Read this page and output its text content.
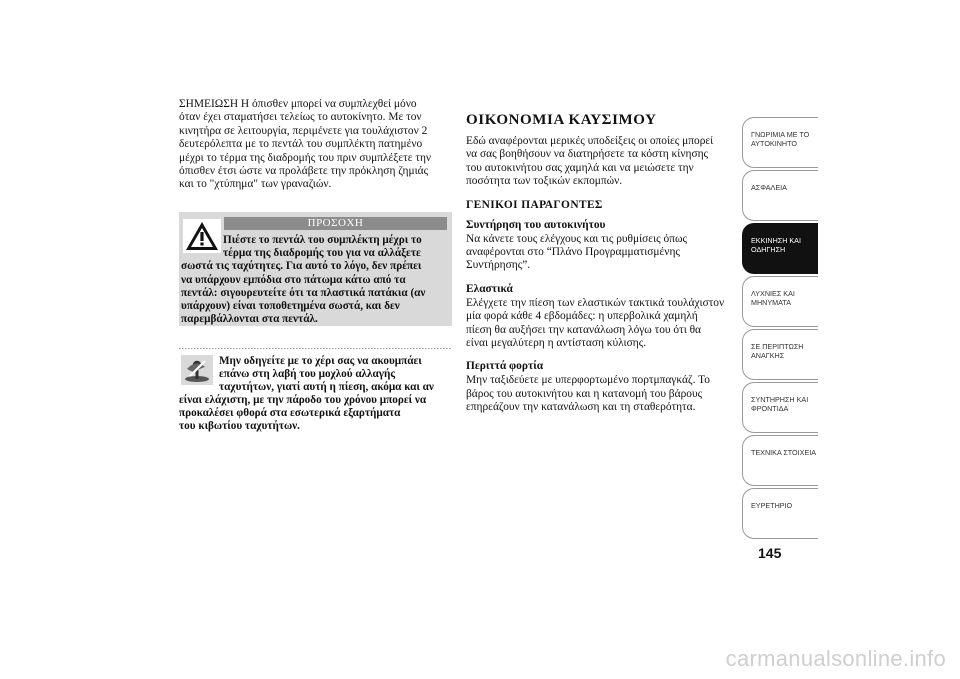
ΣΗΜΕΙΩΣΗ Η όπισθεν μπορεί να συμπλεχθεί μόνο
όταν έχει σταματήσει τελείως το αυτοκίνητο. Με τον
κινητήρα σε λειτουργία, περιμένετε για τουλάχιστον 2
δευτερόλεπτα με το πεντάλ του συμπλέκτη πατημένο
μέχρι το τέρμα της διαδρομής του πριν συμπλέξετε την
όπισθεν έτσι ώστε να προλάβετε την πρόκληση ζημιάς
και το "χτύπημα" των γραναζιών.

ΠΡΟΣΟΧΗ
Πιέστε το πεντάλ του συμπλέκτη μέχρι το
τέρμα της διαδρομής του για να αλλάξετε
σωστά τις ταχύτητες. Για αυτό το λόγο, δεν πρέπει
να υπάρχουν εμπόδια στο πάτωμα κάτω από τα
πεντάλ: σιγουρευτείτε ότι τα πλαστικά πατάκια (αν
υπάρχουν) είναι τοποθετημένα σωστά, και δεν
παρεμβάλλονται στα πεντάλ.
Μην οδηγείτε με το χέρι σας να ακουμπάει
επάνω στη λαβή του μοχλού αλλαγής
ταχυτήτων, γιατί αυτή η πίεση, ακόμα και αν
είναι ελάχιστη, με την πάροδο του χρόνου μπορεί να
προκαλέσει φθορά στα εσωτερικά εξαρτήματα
του κιβωτίου ταχυτήτων.
ΟΙΚΟΝΟΜΙΑ ΚΑΥΣΙΜΟΥ

Εδώ αναφέρονται μερικές υποδείξεις οι οποίες μπορεί
να σας βοηθήσουν να διατηρήσετε τα κόστη κίνησης
του αυτοκινήτου σας χαμηλά και να μειώσετε την
ποσότητα των τοξικών εκπομπών.

ΓΕΝΙΚΟΙ ΠΑΡΑΓΟΝΤΕΣ
Συντήρηση του αυτοκινήτου

Να κάνετε τους ελέγχους και τις ρυθμίσεις όπως
αναφέρονται στο “Πλάνο Προγραμματισμένης
Συντήρησης”.

Ελαστικά

Ελέγχετε την πίεση των ελαστικών τακτικά τουλάχιστον
μία φορά κάθε 4 εβδομάδες: η υπερβολικά χαμηλή
πίεση θα αυξήσει την κατανάλωση λόγω του ότι θα
είναι μεγαλύτερη η αντίσταση κύλισης.

Περιττά φορτία

Μην ταξιδεύετε με υπερφορτωμένο πορτμπαγκάζ. Το
βάρος του αυτοκινήτου και η κατανομή του βάρους
επηρεάζουν την κατανάλωση και τη σταθερότητα.

ΓΝΩΡΙΜΙΑ ΜΕ ΤΟ
ΑΥΤΟΚΙΝΗΤΟ
ΑΣΦΑΛΕΙΑ

ΕΚΚΙΝΗΣΗ ΚΑΙ
ΟΔΗΓΗΣΗ
ΛΥΧΝΙΕΣ ΚΑΙ
ΜΗΝΥΜΑΤΑ
ΣΕ ΠΕΡΙΠΤΩΣΗ
ΑΝΑΓΚΗΣ
ΣΥΝΤΗΡΗΣΗ ΚΑΙ
ΦΡΟΝΤΙΔΑ
ΤΕΧΝΙΚΑ ΣΤΟΙΧΕΙΑ

ΕΥΡΕΤΗΡΙΟ

145
carmanualsonline.info
